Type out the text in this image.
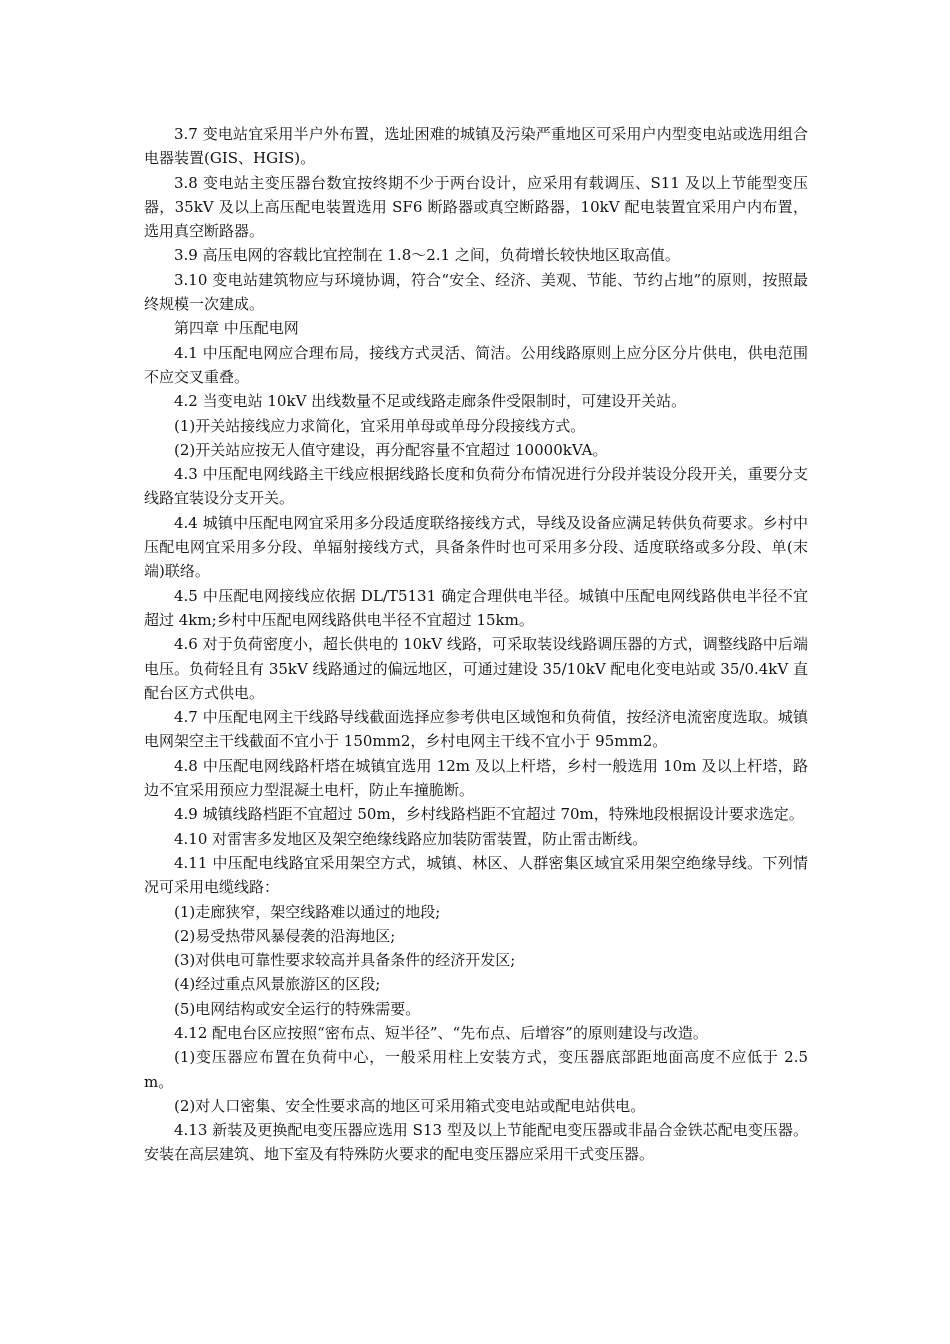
3.7 变电站宜采用半户外布置，选址困难的城镇及污染严重地区可采用户内型变电站或选用组合电器装置(GIS、HGIS)。

3.8 变电站主变压器台数宜按终期不少于两台设计，应采用有载调压、S11 及以上节能型变压器，35kV 及以上高压配电装置选用 SF6 断路器或真空断路器，10kV 配电装置宜采用户内布置，选用真空断路器。

3.9 高压电网的容载比宜控制在 1.8～2.1 之间，负荷增长较快地区取高值。

3.10 变电站建筑物应与环境协调，符合“安全、经济、美观、节能、节约占地”的原则，按照最终规模一次建成。

第四章 中压配电网

4.1 中压配电网应合理布局，接线方式灵活、简洁。公用线路原则上应分区分片供电，供电范围不应交叉重叠。

4.2 当变电站 10kV 出线数量不足或线路走廊条件受限制时，可建设开关站。

(1)开关站接线应力求简化，宜采用单母或单母分段接线方式。

(2)开关站应按无人值守建设，再分配容量不宜超过 10000kVA。

4.3 中压配电网线路主干线应根据线路长度和负荷分布情况进行分段并装设分段开关，重要分支线路宜装设分支开关。

4.4 城镇中压配电网宜采用多分段适度联络接线方式，导线及设备应满足转供负荷要求。乡村中压配电网宜采用多分段、单辐射接线方式，具备条件时也可采用多分段、适度联络或多分段、单(末端)联络。

4.5 中压配电网接线应依据 DL/T5131 确定合理供电半径。城镇中压配电网线路供电半径不宜超过 4km;乡村中压配电网线路供电半径不宜超过 15km。

4.6 对于负荷密度小，超长供电的 10kV 线路，可采取装设线路调压器的方式，调整线路中后端电压。负荷轻且有 35kV 线路通过的偏远地区，可通过建设 35/10kV 配电化变电站或 35/0.4kV 直配台区方式供电。

4.7 中压配电网主干线路导线截面选择应参考供电区域饱和负荷值，按经济电流密度选取。城镇电网架空主干线截面不宜小于 150mm2，乡村电网主干线不宜小于 95mm2。

4.8 中压配电网线路杆塔在城镇宜选用 12m 及以上杆塔，乡村一般选用 10m 及以上杆塔，路边不宜采用预应力型混凝土电杆，防止车撞脆断。

4.9 城镇线路档距不宜超过 50m，乡村线路档距不宜超过 70m，特殊地段根据设计要求选定。

4.10 对雷害多发地区及架空绝缘线路应加装防雷装置，防止雷击断线。

4.11 中压配电线路宜采用架空方式，城镇、林区、人群密集区域宜采用架空绝缘导线。下列情况可采用电缆线路：

(1)走廊狭窄，架空线路难以通过的地段;

(2)易受热带风暴侵袭的沿海地区;

(3)对供电可靠性要求较高并具备条件的经济开发区;

(4)经过重点风景旅游区的区段;

(5)电网结构或安全运行的特殊需要。

4.12 配电台区应按照“密布点、短半径”、“先布点、后增容”的原则建设与改造。

(1)变压器应布置在负荷中心，一般采用柱上安装方式，变压器底部距地面高度不应低于 2.5m。

(2)对人口密集、安全性要求高的地区可采用箱式变电站或配电站供电。

4.13 新装及更换配电变压器应选用 S13 型及以上节能配电变压器或非晶合金铁芯配电变压器。安装在高层建筑、地下室及有特殊防火要求的配电变压器应采用干式变压器。
